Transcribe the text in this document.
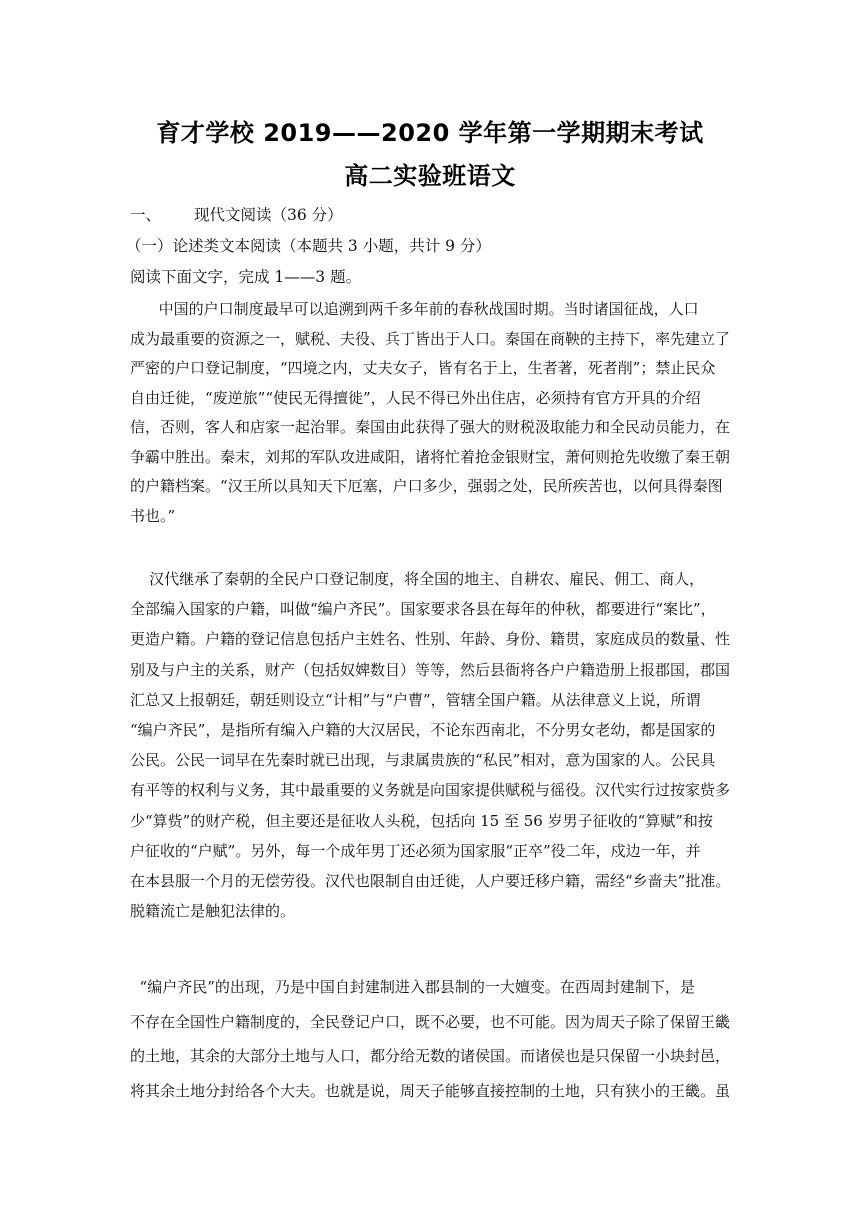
育才学校 2019——2020 学年第一学期期末考试
高二实验班语文
一、 现代文阅读（36 分）
（一）论述类文本阅读（本题共 3 小题，共计 9 分）
阅读下面文字，完成 1——3 题。
中国的户口制度最早可以追溯到两千多年前的春秋战国时期。当时诸国征战，人口
成为最重要的资源之一，赋税、夫役、兵丁皆出于人口。秦国在商鞅的主持下，率先建立了
严密的户口登记制度，“四境之内，丈夫女子，皆有名于上，生者著，死者削”；禁止民众
自由迁徙，“废逆旅”“使民无得擅徙”，人民不得已外出住店，必须持有官方开具的介绍
信，否则，客人和店家一起治罪。秦国由此获得了强大的财税汲取能力和全民动员能力，在
争霸中胜出。秦末，刘邦的军队攻进咸阳，诸将忙着抢金银财宝，萧何则抢先收缴了秦王朝
的户籍档案。“汉王所以具知天下厄塞，户口多少，强弱之处，民所疾苦也，以何具得秦图
书也。”
汉代继承了秦朝的全民户口登记制度，将全国的地主、自耕农、雇民、佣工、商人，
全部编入国家的户籍，叫做“编户齐民”。国家要求各县在每年的仲秋，都要进行“案比”，
更造户籍。户籍的登记信息包括户主姓名、性别、年龄、身份、籍贯，家庭成员的数量、性
别及与户主的关系，财产（包括奴婢数目）等等，然后县衙将各户户籍造册上报郡国，郡国
汇总又上报朝廷，朝廷则设立“计相”与“户曹”，管辖全国户籍。从法律意义上说，所谓
“编户齐民”，是指所有编入户籍的大汉居民，不论东西南北，不分男女老幼，都是国家的
公民。公民一词早在先秦时就已出现，与隶属贵族的“私民”相对，意为国家的人。公民具
有平等的权利与义务，其中最重要的义务就是向国家提供赋税与徭役。汉代实行过按家赀多
少“算赀”的财产税，但主要还是征收人头税，包括向 15 至 56 岁男子征收的“算赋”和按
户征收的“户赋”。另外，每一个成年男丁还必须为国家服“正卒”役二年，戍边一年，并
在本县服一个月的无偿劳役。汉代也限制自由迁徙，人户要迁移户籍，需经“乡啬夫”批准。
脱籍流亡是触犯法律的。
“编户齐民”的出现，乃是中国自封建制进入郡县制的一大嬗变。在西周封建制下，是
不存在全国性户籍制度的，全民登记户口，既不必要，也不可能。因为周天子除了保留王畿
的土地，其余的大部分土地与人口，都分给无数的诸侯国。而诸侯也是只保留一小块封邑，
将其余土地分封给各个大夫。也就是说，周天子能够直接控制的土地，只有狭小的王畿。虽
